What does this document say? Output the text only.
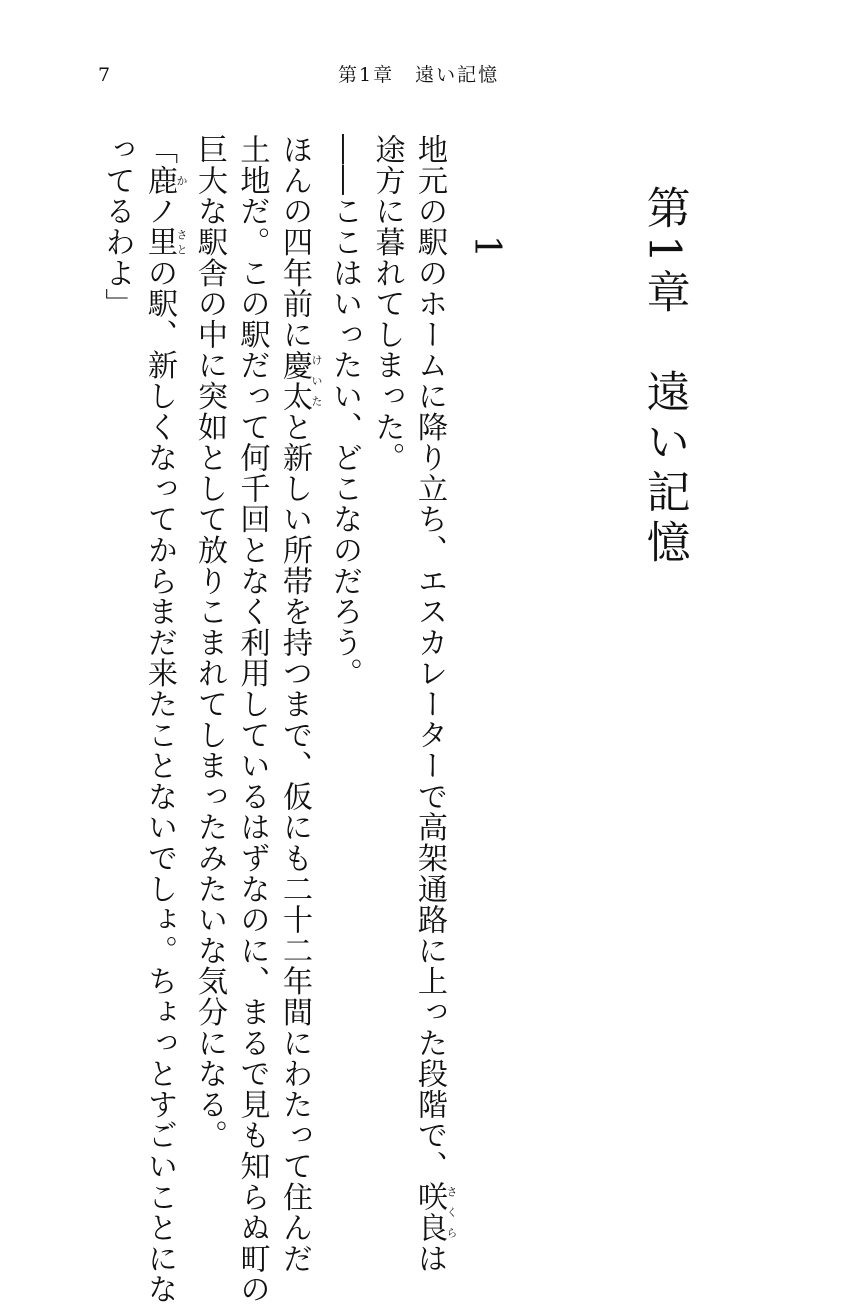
7	第1章　遠い記憶
第1章　遠い記憶
1
地元の駅のホームに降り立ち、エスカレーターで高架通路に上った段階で、咲良さくらは
途方に暮れてしまった。
――ここはいったい、どこなのだろう。
ほんの四年前に慶太けいたと新しい所帯を持つまで、仮にも二十二年間にわたって住んだ
土地だ。この駅だって何千回となく利用しているはずなのに、まるで見も知らぬ町の
巨大な駅舎の中に突如として放りこまれてしまったみたいな気分になる。
「鹿かノ里さとの駅、新しくなってからまだ来たことないでしょ。ちょっとすごいことにな
ってるわよ」
